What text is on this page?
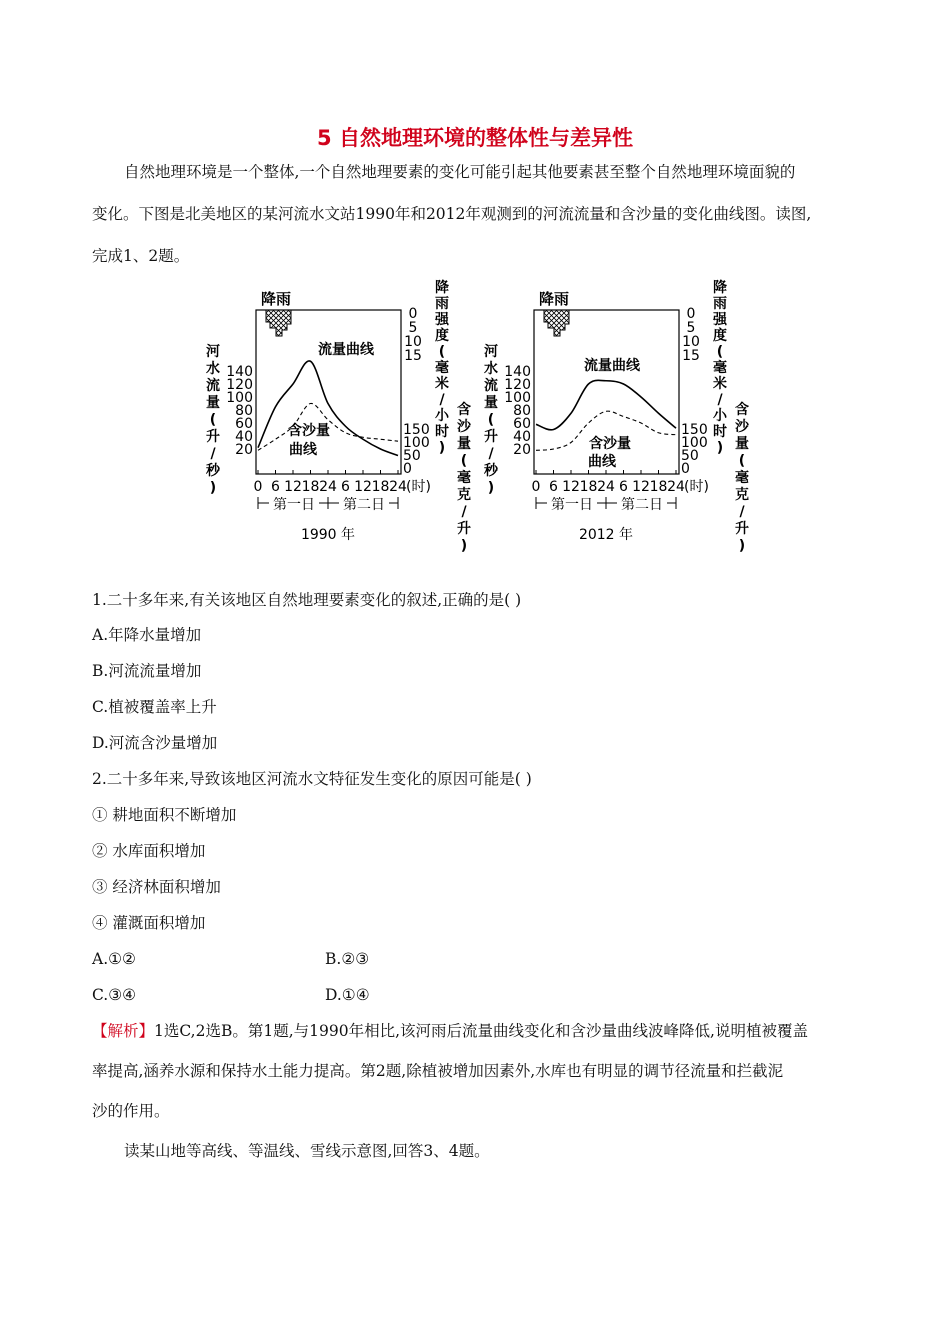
5 自然地理环境的整体性与差异性
自然地理环境是一个整体,一个自然地理要素的变化可能引起其他要素甚至整个自然地理环境面貌的
变化。下图是北美地区的某河流水文站1990年和2012年观测到的河流流量和含沙量的变化曲线图。读图,
完成1、2题。
降雨
河
水
流
量
(
升
/
秒
)
140
120
100
80
60
40
20
0
5
10
15
降
雨
强
度
(
毫
米
/
小
时
)
150
100
50
0
含
沙
量
(
毫
克
/
升
)
0 6 12 18 24 6 12 18 24 (时)
第一日 第二日
1990 年
流量曲线
含沙量
曲线
降雨
河
水
流
量
(
升
/
秒
)
140
120
100
80
60
40
20
0
5
10
15
降
雨
强
度
(
毫
米
/
小
时
)
150
100
50
0
含
沙
量
(
毫
克
/
升
)
0 6 12 18 24 6 12 18 24 (时)
第一日 第二日
2012 年
流量曲线
含沙量
曲线
1.二十多年来,有关该地区自然地理要素变化的叙述,正确的是( )
A.年降水量增加
B.河流流量增加
C.植被覆盖率上升
D.河流含沙量增加
2.二十多年来,导致该地区河流水文特征发生变化的原因可能是( )
① 耕地面积不断增加
② 水库面积增加
③ 经济林面积增加
④ 灌溉面积增加
A.①②	B.②③
C.③④	D.①④
【解析】1选C,2选B。第1题,与1990年相比,该河雨后流量曲线变化和含沙量曲线波峰降低,说明植被覆盖
率提高,涵养水源和保持水土能力提高。第2题,除植被增加因素外,水库也有明显的调节径流量和拦截泥
沙的作用。
读某山地等高线、等温线、雪线示意图,回答3、4题。
